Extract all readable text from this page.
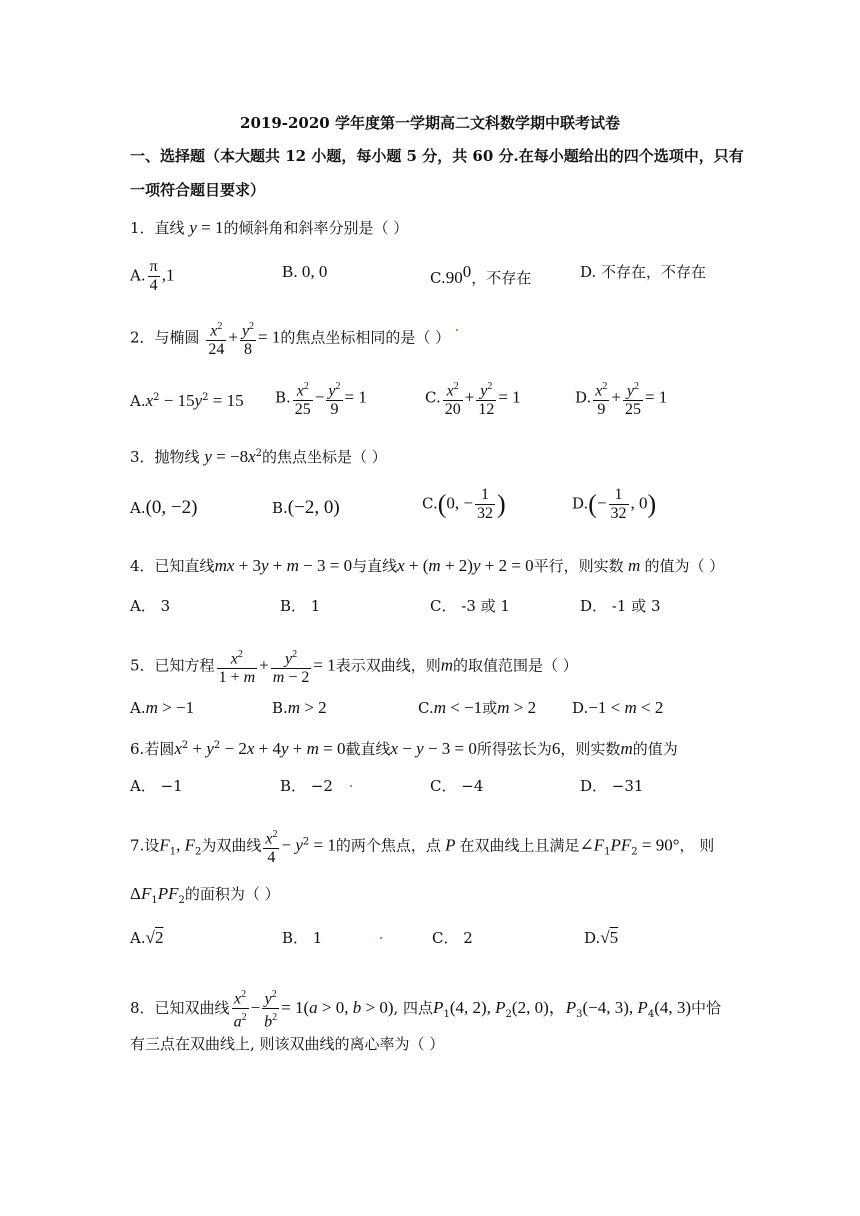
2019-2020 学年度第一学期高二文科数学期中联考试卷
一、选择题（本大题共 12 小题，每小题 5 分，共 60 分.在每小题给出的四个选项中，只有
一项符合题目要求）
1．直线 y = 1的倾斜角和斜率分别是（ ）
A. $\frac{\pi}{4} ,1$	B. 0, 0	$C.90^0$，不存在	D. 不存在，不存在
2．与椭圆 $\frac{x^2}{24} + \frac{y^2}{8} = 1$的焦点坐标相同的是（ ）
$A.x^2 - 15y^2 = 15$ B. $\frac{x^2}{25} - \frac{y^2}{9} = 1$	C. $\frac{x^2}{20} + \frac{y^2}{12} = 1$	D. $\frac{x^2}{9} + \frac{y^2}{25} = 1$
3．抛物线 $y = -8x^2$的焦点坐标是（ ）
A.(0, −2)	B.(−2, 0)	C.(0, − $\frac{1}{32}$ )	$D.(- \frac{1}{32}$ , 0)
4．已知直线mx + 3y + m − 3 = 0与直线x + (m + 2)y + 2 = 0平行，则实数 m 的值为（ ）
A． 3	B． 1	C． -3 或 1	D． -1 或 3
5．已知方程 $\frac{x^2}{1 + m} + \frac{y^2}{m - 2} = 1$表示双曲线，则m的取值范围是（ ）
A.m > −1	B.m > 2	C.m < −1或m > 2 D.−1 < m < 2
6.若圆$x^2 + y^2 - 2x + 4y + m = 0$截直线x − y − 3 = 0所得弦长为6，则实数m的值为
A． −1	B． −2	C． −4	D． −31
7.设$F_1$, $F_2$为双曲线 $\frac{x^2}{4} - y^2 = 1$的两个焦点，点 P 在双曲线上且满足$\angle F_1PF_2 = 90^\circ$， 则
$\Delta F_1PF_2$的面积为（ ）
A.√2	B． 1	C． 2	D.√5
8．已知双曲线 $\frac{x^2}{a^2} - \frac{y^2}{b^2} = 1(a > 0$, b > 0), 四点$P_1(4$, 2), $P_2(2$, 0)，$P_3(-4$, 3), $P_4(4$, 3)中恰
有三点在双曲线上, 则该双曲线的离心率为（ ）
